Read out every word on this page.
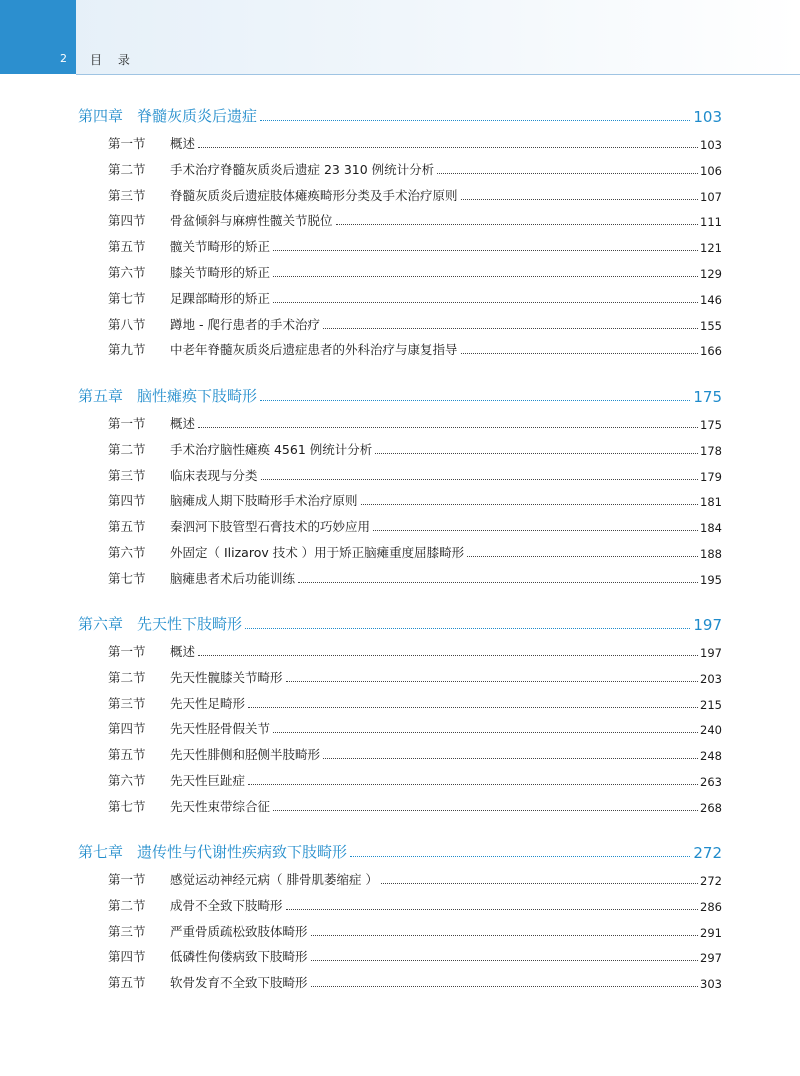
2 目 录
第四章 脊髓灰质炎后遗症	103
第一节	概述	103
第二节	手术治疗脊髓灰质炎后遗症 23 310 例统计分析	106
第三节	脊髓灰质炎后遗症肢体瘫痪畸形分类及手术治疗原则	107
第四节	骨盆倾斜与麻痹性髋关节脱位	111
第五节	髋关节畸形的矫正	121
第六节	膝关节畸形的矫正	129
第七节	足踝部畸形的矫正	146
第八节	蹲地 - 爬行患者的手术治疗	155
第九节	中老年脊髓灰质炎后遗症患者的外科治疗与康复指导	166
第五章 脑性瘫痪下肢畸形	175
第一节	概述	175
第二节	手术治疗脑性瘫痪 4561 例统计分析	178
第三节	临床表现与分类	179
第四节	脑瘫成人期下肢畸形手术治疗原则	181
第五节	秦泗河下肢管型石膏技术的巧妙应用	184
第六节	外固定（ Ilizarov 技术 ）用于矫正脑瘫重度屈膝畸形	188
第七节	脑瘫患者术后功能训练	195
第六章 先天性下肢畸形	197
第一节	概述	197
第二节	先天性髋膝关节畸形	203
第三节	先天性足畸形	215
第四节	先天性胫骨假关节	240
第五节	先天性腓侧和胫侧半肢畸形	248
第六节	先天性巨趾症	263
第七节	先天性束带综合征	268
第七章 遗传性与代谢性疾病致下肢畸形	272
第一节	感觉运动神经元病（ 腓骨肌萎缩症 ）	272
第二节	成骨不全致下肢畸形	286
第三节	严重骨质疏松致肢体畸形	291
第四节	低磷性佝偻病致下肢畸形	297
第五节	软骨发育不全致下肢畸形	303
